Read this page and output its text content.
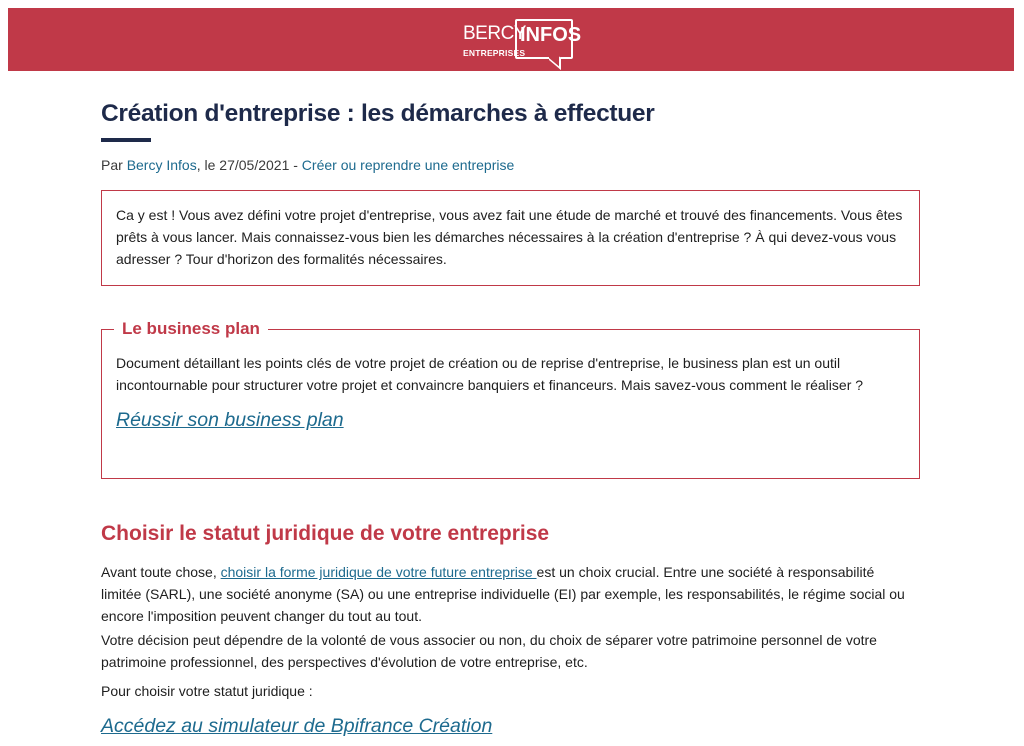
BERCY
INFOS
ENTREPRISES
Création d'entreprise : les démarches à effectuer
Par Bercy Infos, le 27/05/2021 - Créer ou reprendre une entreprise

Ca y est ! Vous avez défini votre projet d'entreprise, vous avez fait une étude de marché et trouvé des financements. Vous êtes prêts à vous lancer. Mais connaissez-vous bien les démarches nécessaires à la création d'entreprise ? À qui devez-vous vous adresser ? Tour d'horizon des formalités nécessaires.

Le business plan

Document détaillant les points clés de votre projet de création ou de reprise d'entreprise, le business plan est un outil incontournable pour structurer votre projet et convaincre banquiers et financeurs. Mais savez-vous comment le réaliser ?

Réussir son business plan
Choisir le statut juridique de votre entreprise

Avant toute chose, choisir la forme juridique de votre future entreprise est un choix crucial. Entre une société à responsabilité limitée (SARL), une société anonyme (SA) ou une entreprise individuelle (EI) par exemple, les responsabilités, le régime social ou encore l'imposition peuvent changer du tout au tout.

Votre décision peut dépendre de la volonté de vous associer ou non, du choix de séparer votre patrimoine personnel de votre patrimoine professionnel, des perspectives d'évolution de votre entreprise, etc.

Pour choisir votre statut juridique :

Accédez au simulateur de Bpifrance Création
